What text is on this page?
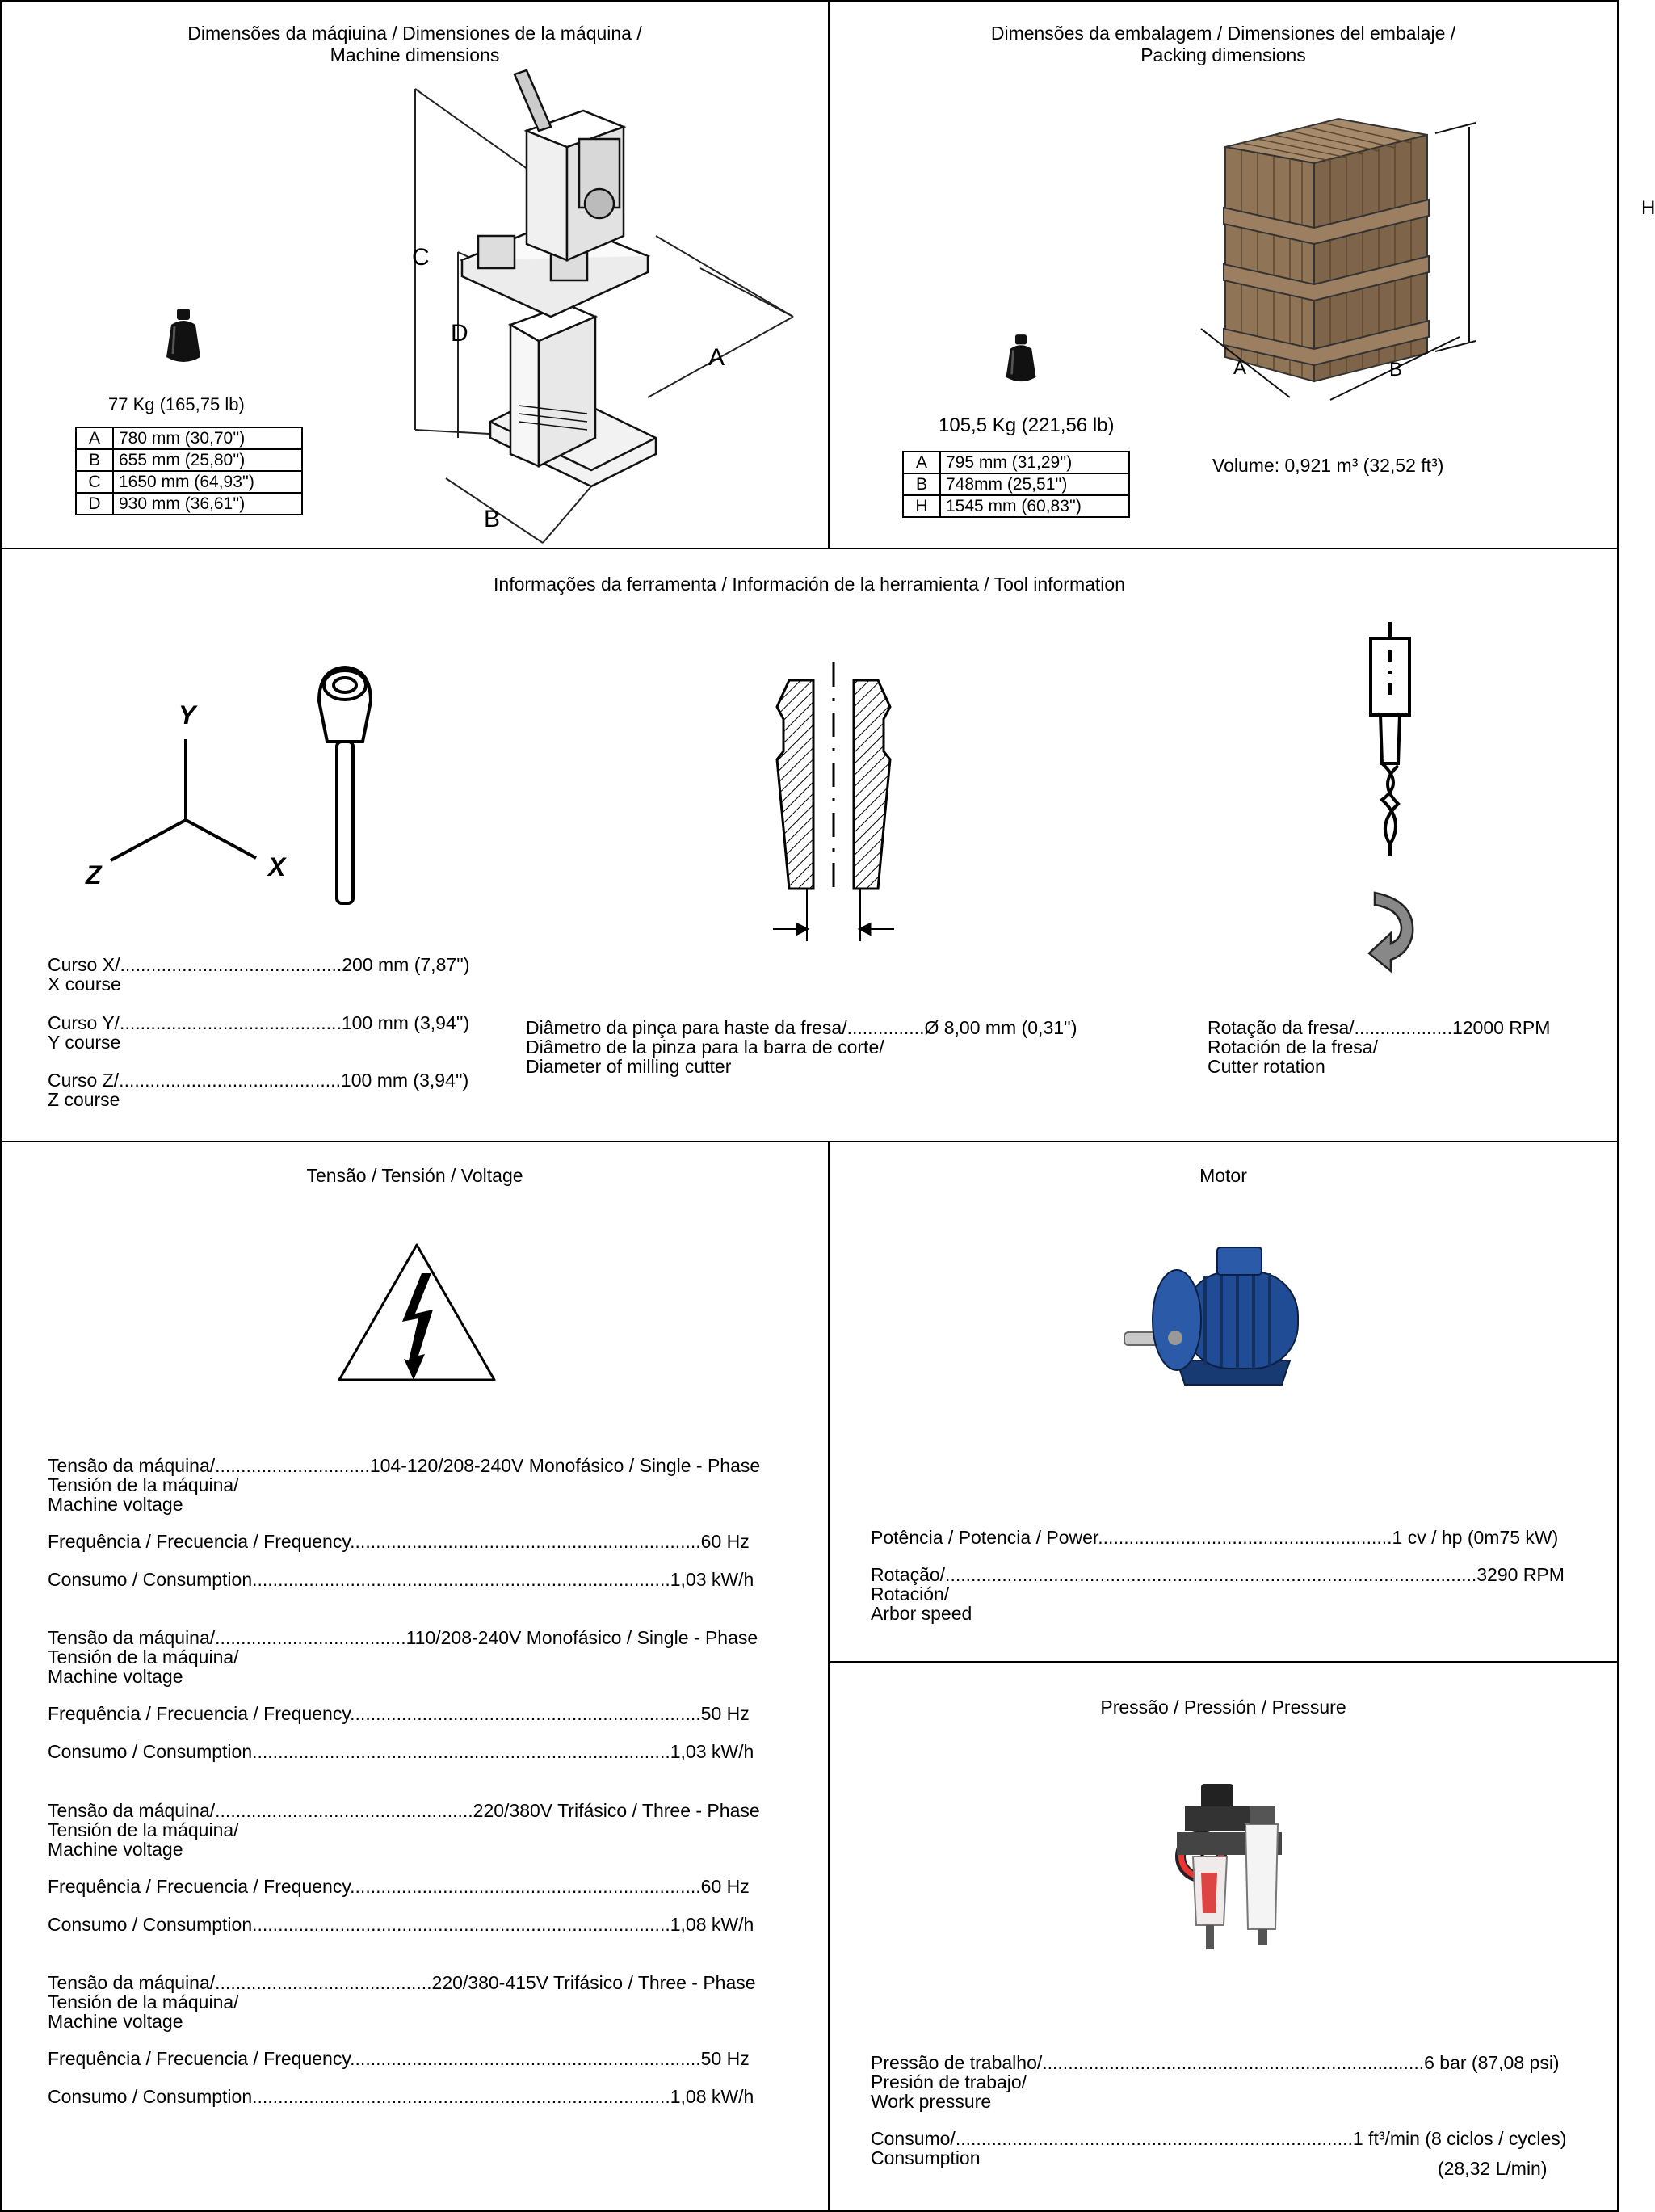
Dimensões da máqiuina / Dimensiones de la máquina /
Machine dimensions
77 Kg (165,75 lb)
A	780 mm (30,70'')
B	655 mm (25,80'')
C	1650 mm (64,93'')
D	930 mm (36,61'')
C
D
A
B
Dimensões da embalagem / Dimensiones del embalaje /
Packing dimensions
105,5 Kg (221,56 lb)
A	795 mm (31,29'')
B	748mm (25,51'')
H	1545 mm (60,83'')
H
A	B
Volume: 0,921 m³ (32,52 ft³)
Informações da ferramenta / Información de la herramienta / Tool information
Y
Z	X
Curso X/...........................................200 mm (7,87'')
X course
Curso Y/...........................................100 mm (3,94'')
Y course
Curso Z/...........................................100 mm (3,94'')
Z course
Diâmetro da pinça para haste da fresa/...............Ø 8,00 mm (0,31'')
Diâmetro de la pinza para la barra de corte/
Diameter of milling cutter
Rotação da fresa/...................12000 RPM
Rotación de la fresa/
Cutter rotation
Tensão / Tensión / Voltage
Tensão da máquina/..............................104-120/208-240V Monofásico / Single - Phase
Tensión de la máquina/
Machine voltage
Frequência / Frecuencia / Frequency....................................................................60 Hz
Consumo / Consumption.................................................................................1,03 kW/h
Tensão da máquina/.....................................110/208-240V Monofásico / Single - Phase
Tensión de la máquina/
Machine voltage
Frequência / Frecuencia / Frequency....................................................................50 Hz
Consumo / Consumption.................................................................................1,03 kW/h
Tensão da máquina/..................................................220/380V Trifásico / Three - Phase
Tensión de la máquina/
Machine voltage
Frequência / Frecuencia / Frequency....................................................................60 Hz
Consumo / Consumption.................................................................................1,08 kW/h
Tensão da máquina/..........................................220/380-415V Trifásico / Three - Phase
Tensión de la máquina/
Machine voltage
Frequência / Frecuencia / Frequency....................................................................50 Hz
Consumo / Consumption.................................................................................1,08 kW/h
Motor
Potência / Potencia / Power.........................................................1 cv / hp (0m75 kW)
Rotação/.......................................................................................................3290 RPM
Rotación/
Arbor speed
Pressão / Pressión / Pressure
Pressão de trabalho/..........................................................................6 bar (87,08 psi)
Presión de trabajo/
Work pressure
Consumo/.............................................................................1 ft³/min (8 ciclos / cycles)
Consumption	(28,32 L/min)
